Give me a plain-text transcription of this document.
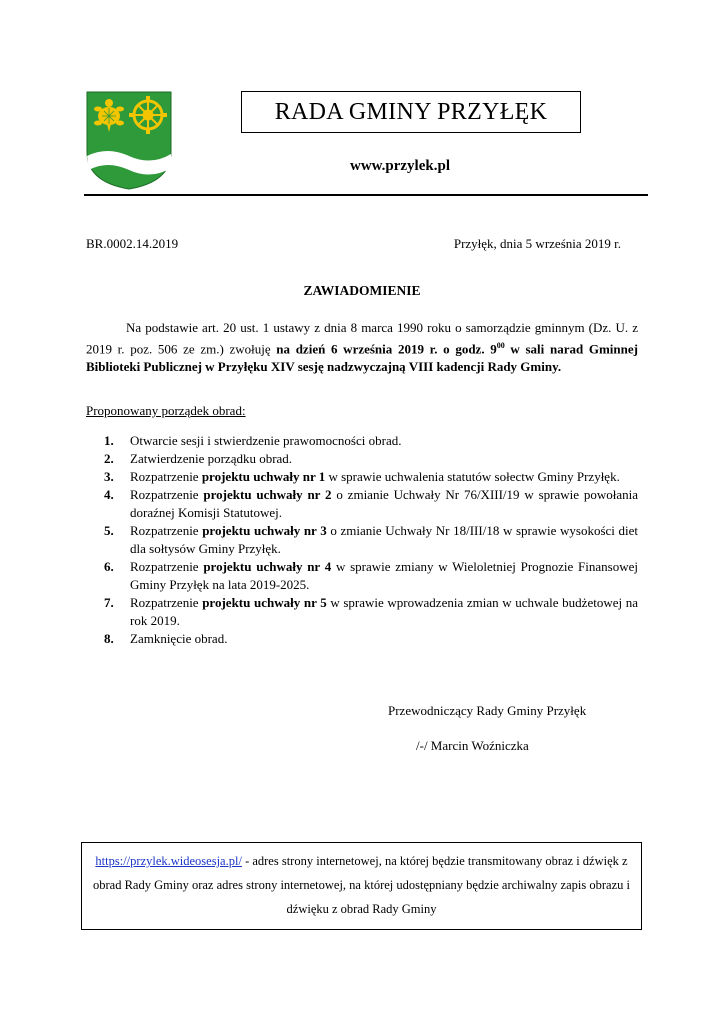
RADA GMINY PRZYŁĘK
www.przylek.pl
BR.0002.14.2019	Przyłęk, dnia 5 września 2019 r.
ZAWIADOMIENIE
Na podstawie art. 20 ust. 1 ustawy z dnia 8 marca 1990 roku o samorządzie gminnym (Dz. U. z 2019 r. poz. 506 ze zm.) zwołuję na dzień 6 września 2019 r. o godz. $9^{00}$ w sali narad Gminnej Biblioteki Publicznej w Przyłęku XIV sesję nadzwyczajną VIII kadencji Rady Gminy.
Proponowany porządek obrad:
1.	Otwarcie sesji i stwierdzenie prawomocności obrad.
2.	Zatwierdzenie porządku obrad.
3.	Rozpatrzenie projektu uchwały nr 1 w sprawie uchwalenia statutów sołectw Gminy Przyłęk.
4.	Rozpatrzenie projektu uchwały nr 2 o zmianie Uchwały Nr 76/XIII/19 w sprawie powołania doraźnej Komisji Statutowej.
5.	Rozpatrzenie projektu uchwały nr 3 o zmianie Uchwały Nr 18/III/18 w sprawie wysokości diet dla sołtysów Gminy Przyłęk.
6.	Rozpatrzenie projektu uchwały nr 4 w sprawie zmiany w Wieloletniej Prognozie Finansowej Gminy Przyłęk na lata 2019-2025.
7.	Rozpatrzenie projektu uchwały nr 5 w sprawie wprowadzenia zmian w uchwale budżetowej na rok 2019.
8.	Zamknięcie obrad.
Przewodniczący Rady Gminy Przyłęk
/-/ Marcin Woźniczka
https://przylek.wideosesja.pl/ - adres strony internetowej, na której będzie transmitowany obraz i dźwięk z obrad Rady Gminy oraz adres strony internetowej, na której udostępniany będzie archiwalny zapis obrazu i dźwięku z obrad Rady Gminy
